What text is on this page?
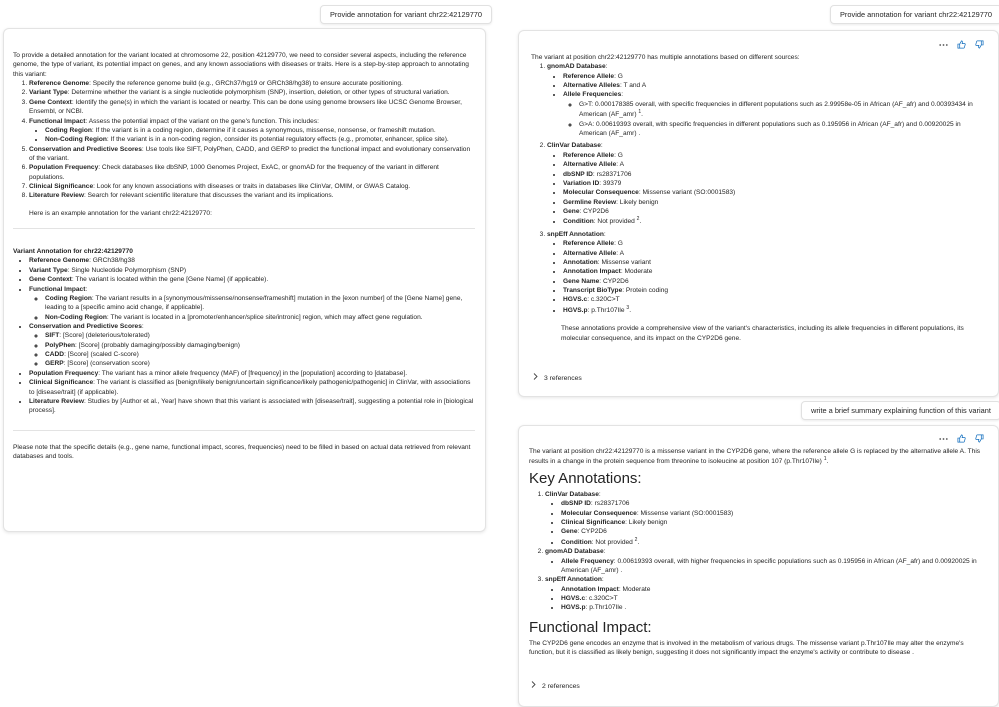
Provide annotation for variant chr22:42129770

To provide a detailed annotation for the variant located at chromosome 22, position 42129770, we need to consider several aspects, including the reference genome, the type of variant, its potential impact on genes, and any known associations with diseases or traits. Here is a step-by-step approach to annotating this variant:

1. Reference Genome: Specify the reference genome build (e.g., GRCh37/hg19 or GRCh38/hg38) to ensure accurate positioning.
2. Variant Type: Determine whether the variant is a single nucleotide polymorphism (SNP), insertion, deletion, or other types of structural variation.
3. Gene Context: Identify the gene(s) in which the variant is located or nearby. This can be done using genome browsers like UCSC Genome Browser, Ensembl, or NCBI.
4. Functional Impact: Assess the potential impact of the variant on the gene's function. This includes:
• Coding Region: If the variant is in a coding region, determine if it causes a synonymous, missense, nonsense, or frameshift mutation.
• Non-Coding Region: If the variant is in a non-coding region, consider its potential regulatory effects (e.g., promoter, enhancer, splice site).
5. Conservation and Predictive Scores: Use tools like SIFT, PolyPhen, CADD, and GERP to predict the functional impact and evolutionary conservation of the variant.
6. Population Frequency: Check databases like dbSNP, 1000 Genomes Project, ExAC, or gnomAD for the frequency of the variant in different populations.
7. Clinical Significance: Look for any known associations with diseases or traits in databases like ClinVar, OMIM, or GWAS Catalog.
8. Literature Review: Search for relevant scientific literature that discusses the variant and its implications.

Here is an example annotation for the variant chr22:42129770:

Variant Annotation for chr22:42129770

• Reference Genome: GRCh38/hg38
• Variant Type: Single Nucleotide Polymorphism (SNP)
• Gene Context: The variant is located within the gene [Gene Name] (if applicable).
• Functional Impact:
◦ Coding Region: The variant results in a [synonymous/missense/nonsense/frameshift] mutation in the [exon number] of the [Gene Name] gene, leading to a [specific amino acid change, if applicable].
◦ Non-Coding Region: The variant is located in a [promoter/enhancer/splice site/intronic] region, which may affect gene regulation.
• Conservation and Predictive Scores:
◦ SIFT: [Score] (deleterious/tolerated)
◦ PolyPhen: [Score] (probably damaging/possibly damaging/benign)
◦ CADD: [Score] (scaled C-score)
◦ GERP: [Score] (conservation score)
• Population Frequency: The variant has a minor allele frequency (MAF) of [frequency] in the [population] according to [database].
• Clinical Significance: The variant is classified as [benign/likely benign/uncertain significance/likely pathogenic/pathogenic] in ClinVar, with associations to [disease/trait] (if applicable).
• Literature Review: Studies by [Author et al., Year] have shown that this variant is associated with [disease/trait], suggesting a potential role in [biological process].

Please note that the specific details (e.g., gene name, functional impact, scores, frequencies) need to be filled in based on actual data retrieved from relevant databases and tools.

Provide annotation for variant chr22:42129770

The variant at position chr22:42129770 has multiple annotations based on different sources:

1. gnomAD Database:
• Reference Allele: G
• Alternative Alleles: T and A
• Allele Frequencies:
◦ G>T: 0.000178385 overall, with specific frequencies in different populations such as 2.99958e-05 in African (AF_afr) and 0.00393434 in American (AF_amr) $^1$.
◦ G>A: 0.00619393 overall, with specific frequencies in different populations such as 0.195956 in African (AF_afr) and 0.00920025 in American (AF_amr) .
2. ClinVar Database:
• Reference Allele: G
• Alternative Allele: A
• dbSNP ID: rs28371706
• Variation ID: 39379
• Molecular Consequence: Missense variant (SO:0001583)
• Germline Review: Likely benign
• Gene: CYP2D6
• Condition: Not provided $^2$.
3. snpEff Annotation:
• Reference Allele: G
• Alternative Allele: A
• Annotation: Missense variant
• Annotation Impact: Moderate
• Gene Name: CYP2D6
• Transcript BioType: Protein coding
• HGVS.c: c.320C>T
• HGVS.p: p.Thr107Ile $^3$.

These annotations provide a comprehensive view of the variant's characteristics, including its allele frequencies in different populations, its molecular consequence, and its impact on the CYP2D6 gene.

3 references
write a brief summary explaining function of this variant

The variant at position chr22:42129770 is a missense variant in the CYP2D6 gene, where the reference allele G is replaced by the alternative allele A. This results in a change in the protein sequence from threonine to isoleucine at position 107 (p.Thr107Ile) $^1$.

Key Annotations:
1. ClinVar Database:
• dbSNP ID: rs28371706
• Molecular Consequence: Missense variant (SO:0001583)
• Clinical Significance: Likely benign
• Gene: CYP2D6
• Condition: Not provided $^2$.
2. gnomAD Database:
• Allele Frequency: 0.00619393 overall, with higher frequencies in specific populations such as 0.195956 in African (AF_afr) and 0.00920025 in American (AF_amr) .
3. snpEff Annotation:
• Annotation Impact: Moderate
• HGVS.c: c.320C>T
• HGVS.p: p.Thr107Ile .
Functional Impact:

The CYP2D6 gene encodes an enzyme that is involved in the metabolism of various drugs. The missense variant p.Thr107Ile may alter the enzyme's function, but it is classified as likely benign, suggesting it does not significantly impact the enzyme's activity or contribute to disease .

2 references
